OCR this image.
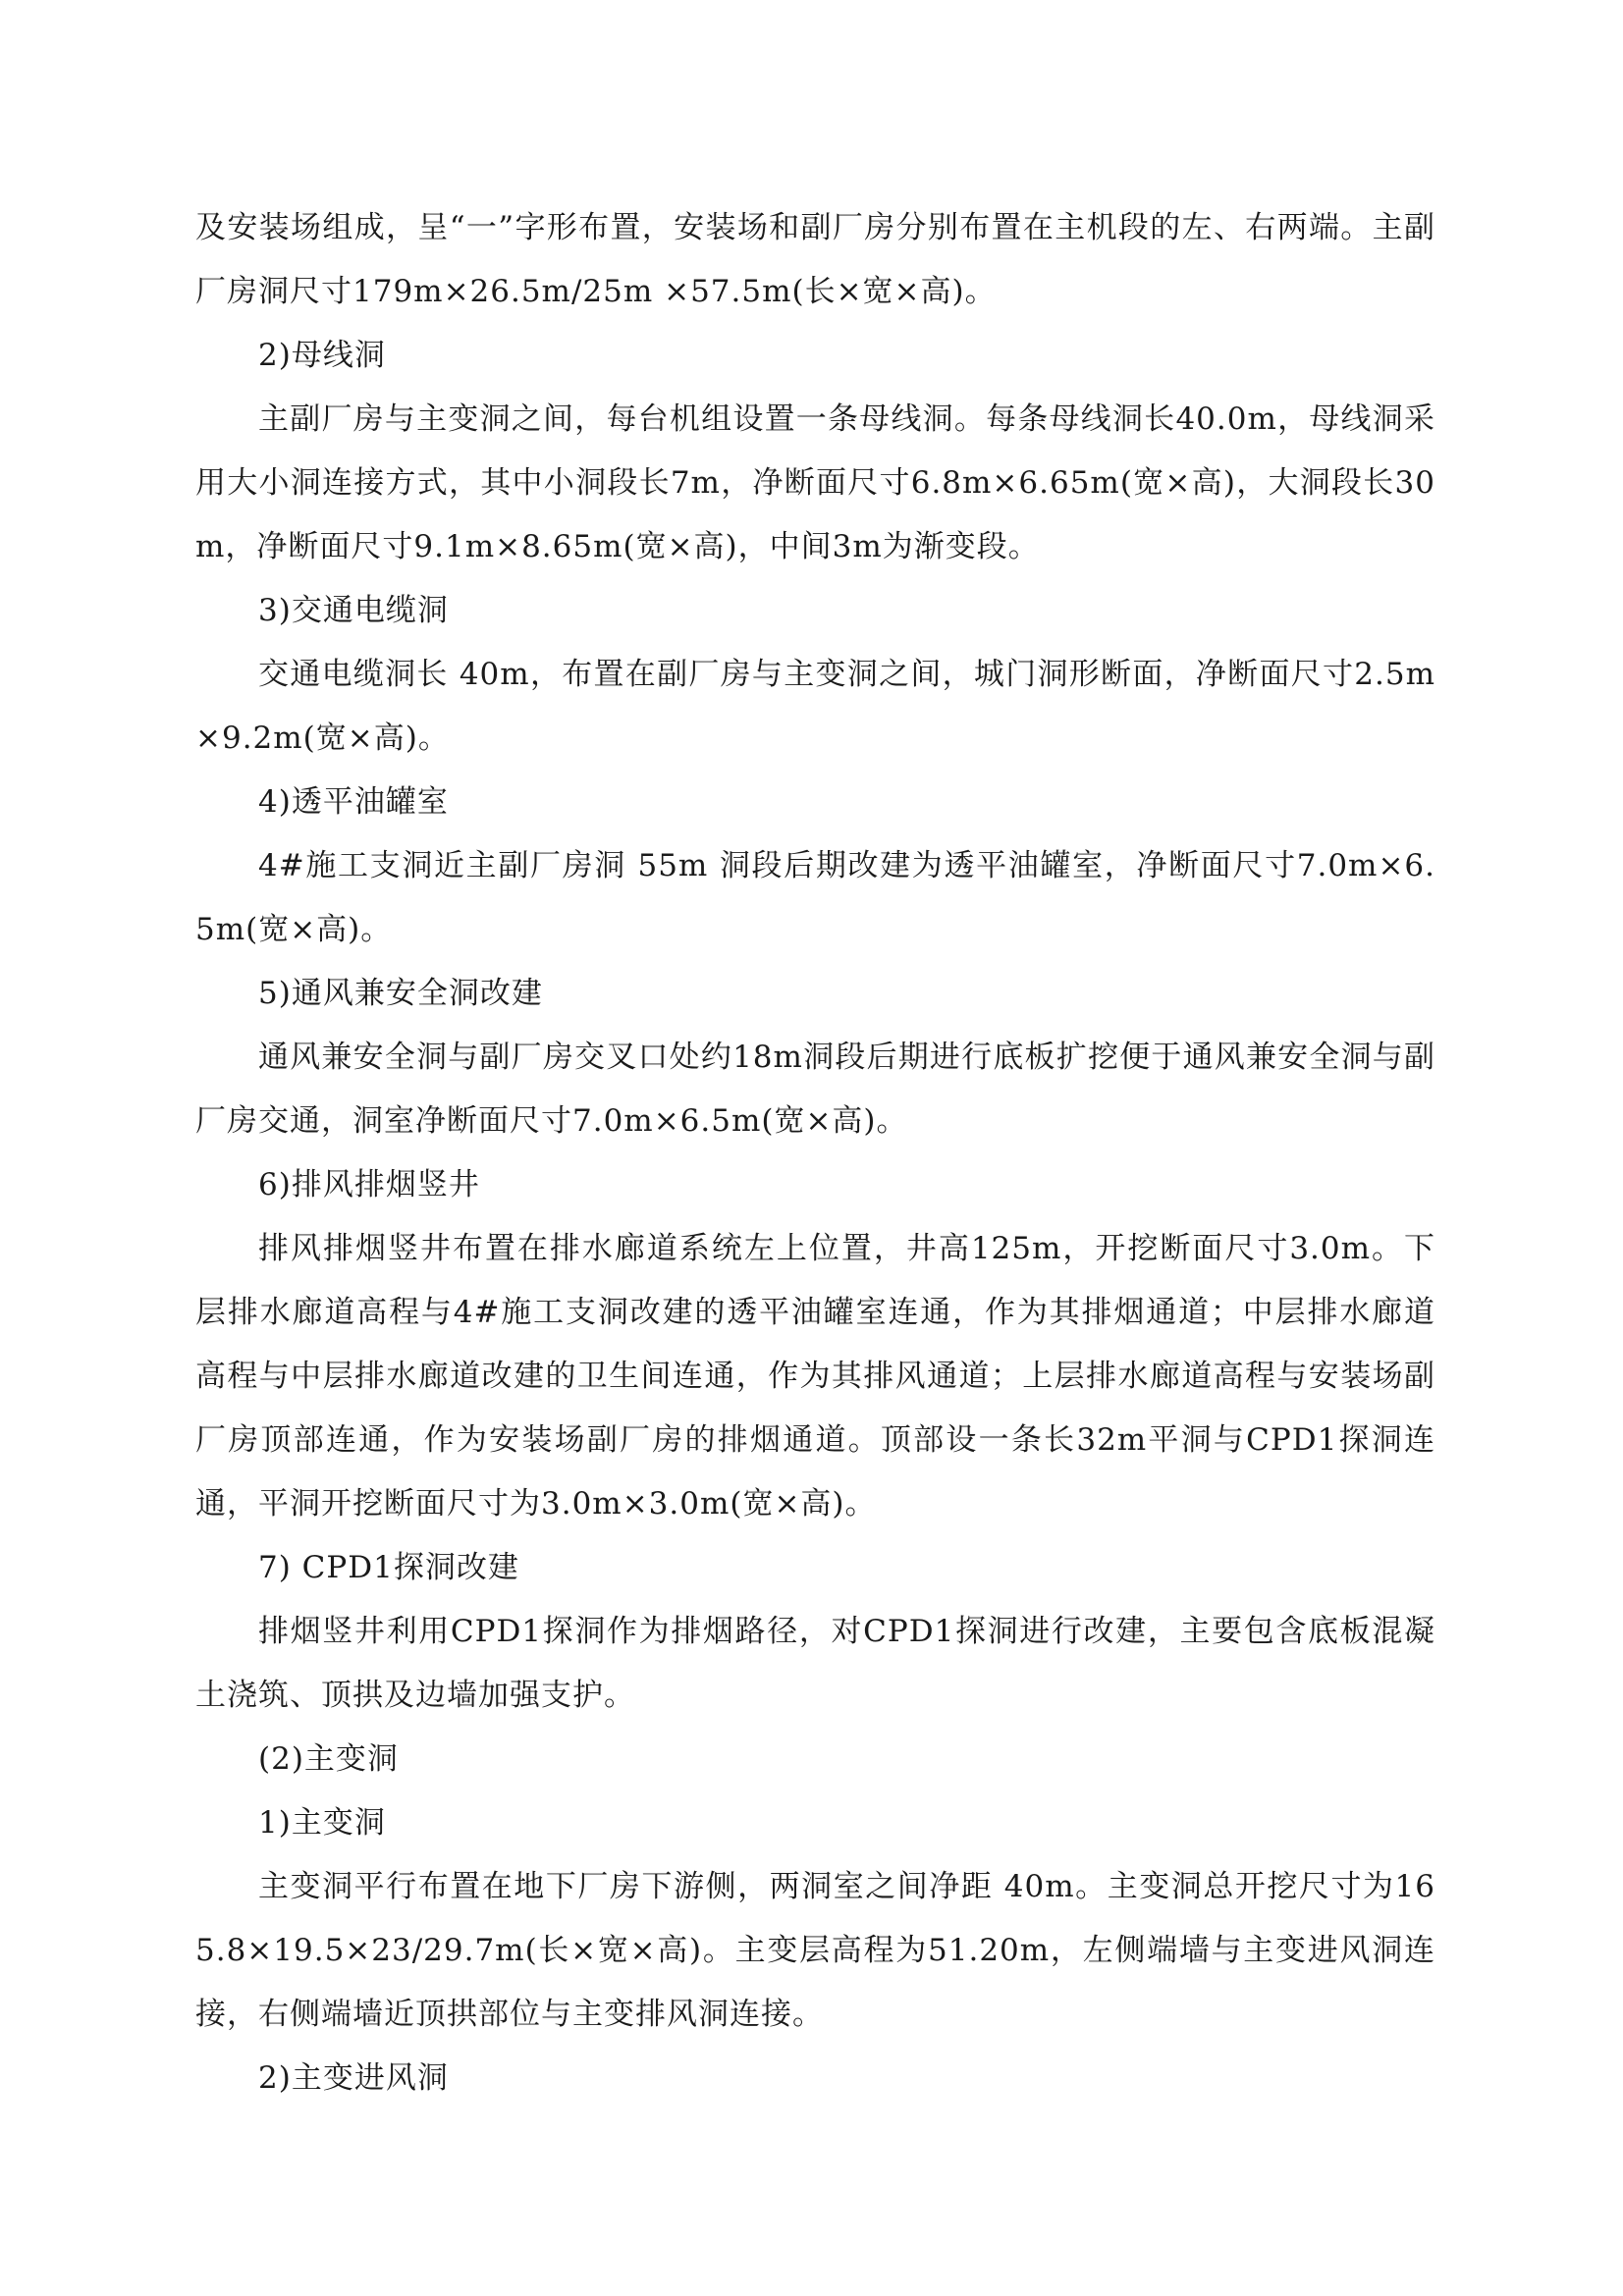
及安装场组成，呈“一”字形布置，安装场和副厂房分别布置在主机段的左、右两端。主副厂房洞尺寸179m×26.5m/25m ×57.5m(长×宽×高)。

2)母线洞

主副厂房与主变洞之间，每台机组设置一条母线洞。每条母线洞长40.0m，母线洞采用大小洞连接方式，其中小洞段长7m，净断面尺寸6.8m×6.65m(宽×高)，大洞段长30m，净断面尺寸9.1m×8.65m(宽×高)，中间3m为渐变段。

3)交通电缆洞

交通电缆洞长 40m，布置在副厂房与主变洞之间，城门洞形断面，净断面尺寸2.5m×9.2m(宽×高)。

4)透平油罐室

4#施工支洞近主副厂房洞 55m 洞段后期改建为透平油罐室，净断面尺寸7.0m×6.5m(宽×高)。

5)通风兼安全洞改建

通风兼安全洞与副厂房交叉口处约18m洞段后期进行底板扩挖便于通风兼安全洞与副厂房交通，洞室净断面尺寸7.0m×6.5m(宽×高)。

6)排风排烟竖井

排风排烟竖井布置在排水廊道系统左上位置，井高125m，开挖断面尺寸3.0m。下层排水廊道高程与4#施工支洞改建的透平油罐室连通，作为其排烟通道；中层排水廊道高程与中层排水廊道改建的卫生间连通，作为其排风通道；上层排水廊道高程与安装场副厂房顶部连通，作为安装场副厂房的排烟通道。顶部设一条长32m平洞与CPD1探洞连通，平洞开挖断面尺寸为3.0m×3.0m(宽×高)。

7) CPD1探洞改建

排烟竖井利用CPD1探洞作为排烟路径，对CPD1探洞进行改建，主要包含底板混凝土浇筑、顶拱及边墙加强支护。

(2)主变洞

1)主变洞

主变洞平行布置在地下厂房下游侧，两洞室之间净距 40m。主变洞总开挖尺寸为165.8×19.5×23/29.7m(长×宽×高)。主变层高程为51.20m，左侧端墙与主变进风洞连接，右侧端墙近顶拱部位与主变排风洞连接。

2)主变进风洞
